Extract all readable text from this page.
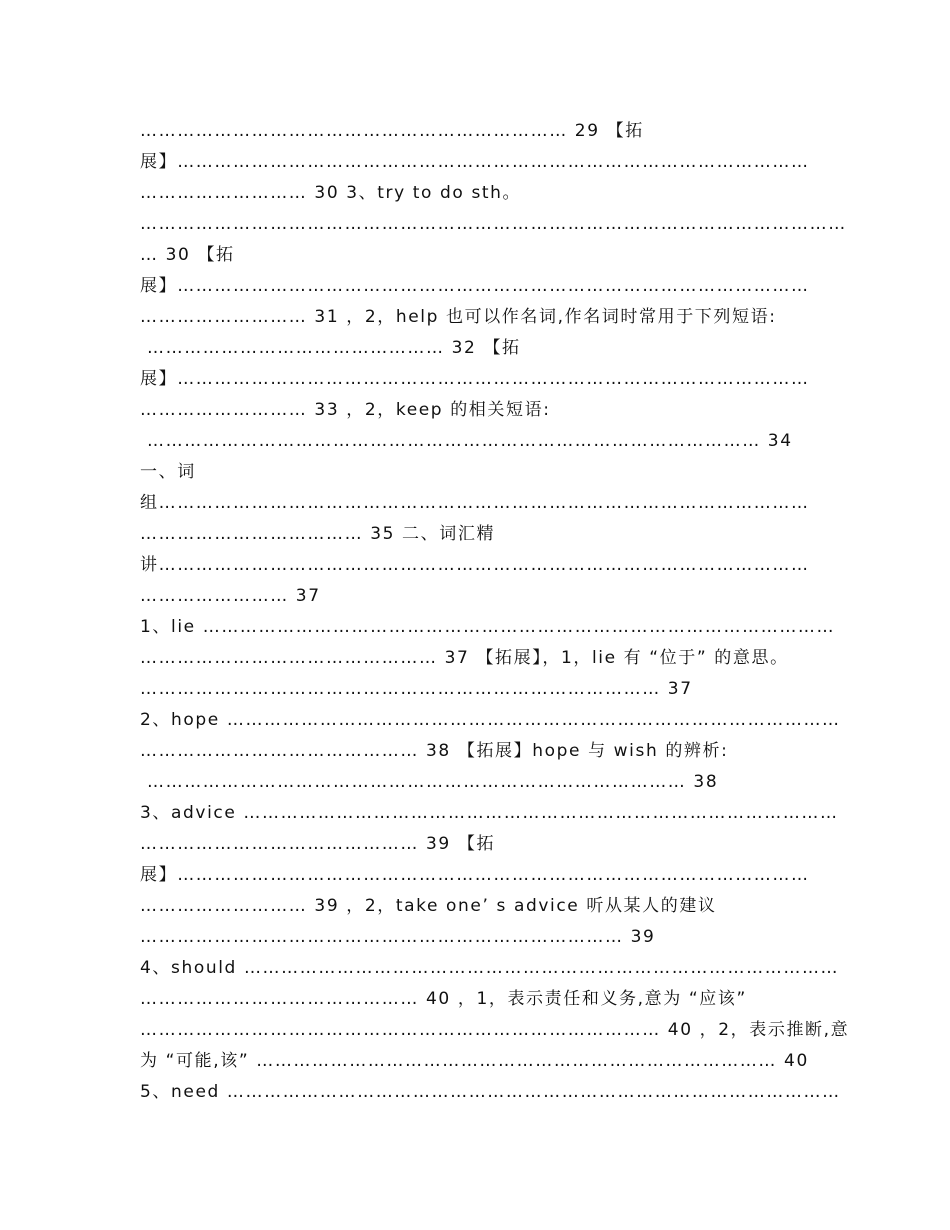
…………………………………………………………… 29 【拓

展】…………………………………………………………………………………………

……………………… 30 3、try to do sth。

……………………………………………………………………………………………………

… 30 【拓

展】…………………………………………………………………………………………

……………………… 31 ，2，help 也可以作名词,作名词时常用于下列短语:

………………………………………… 32 【拓

展】…………………………………………………………………………………………

……………………… 33 ，2，keep 的相关短语:

……………………………………………………………………………………… 34

一、词

组……………………………………………………………………………………………

……………………………… 35 二、词汇精

讲……………………………………………………………………………………………

…………………… 37

1、lie …………………………………………………………………………………………

………………………………………… 37 【拓展】，1，lie 有 “位于” 的意思。

………………………………………………………………………… 37

2、hope ………………………………………………………………………………………

……………………………………… 38 【拓展】hope 与 wish 的辨析:

…………………………………………………………………………… 38

3、advice ……………………………………………………………………………………

……………………………………… 39 【拓

展】…………………………………………………………………………………………

……………………… 39 ，2，take one’ s advice 听从某人的建议

…………………………………………………………………… 39

4、should ……………………………………………………………………………………

……………………………………… 40 ，1，表示责任和义务,意为 “应该”

………………………………………………………………………… 40 ，2，表示推断,意

为 “可能,该” ………………………………………………………………………… 40

5、need ………………………………………………………………………………………
